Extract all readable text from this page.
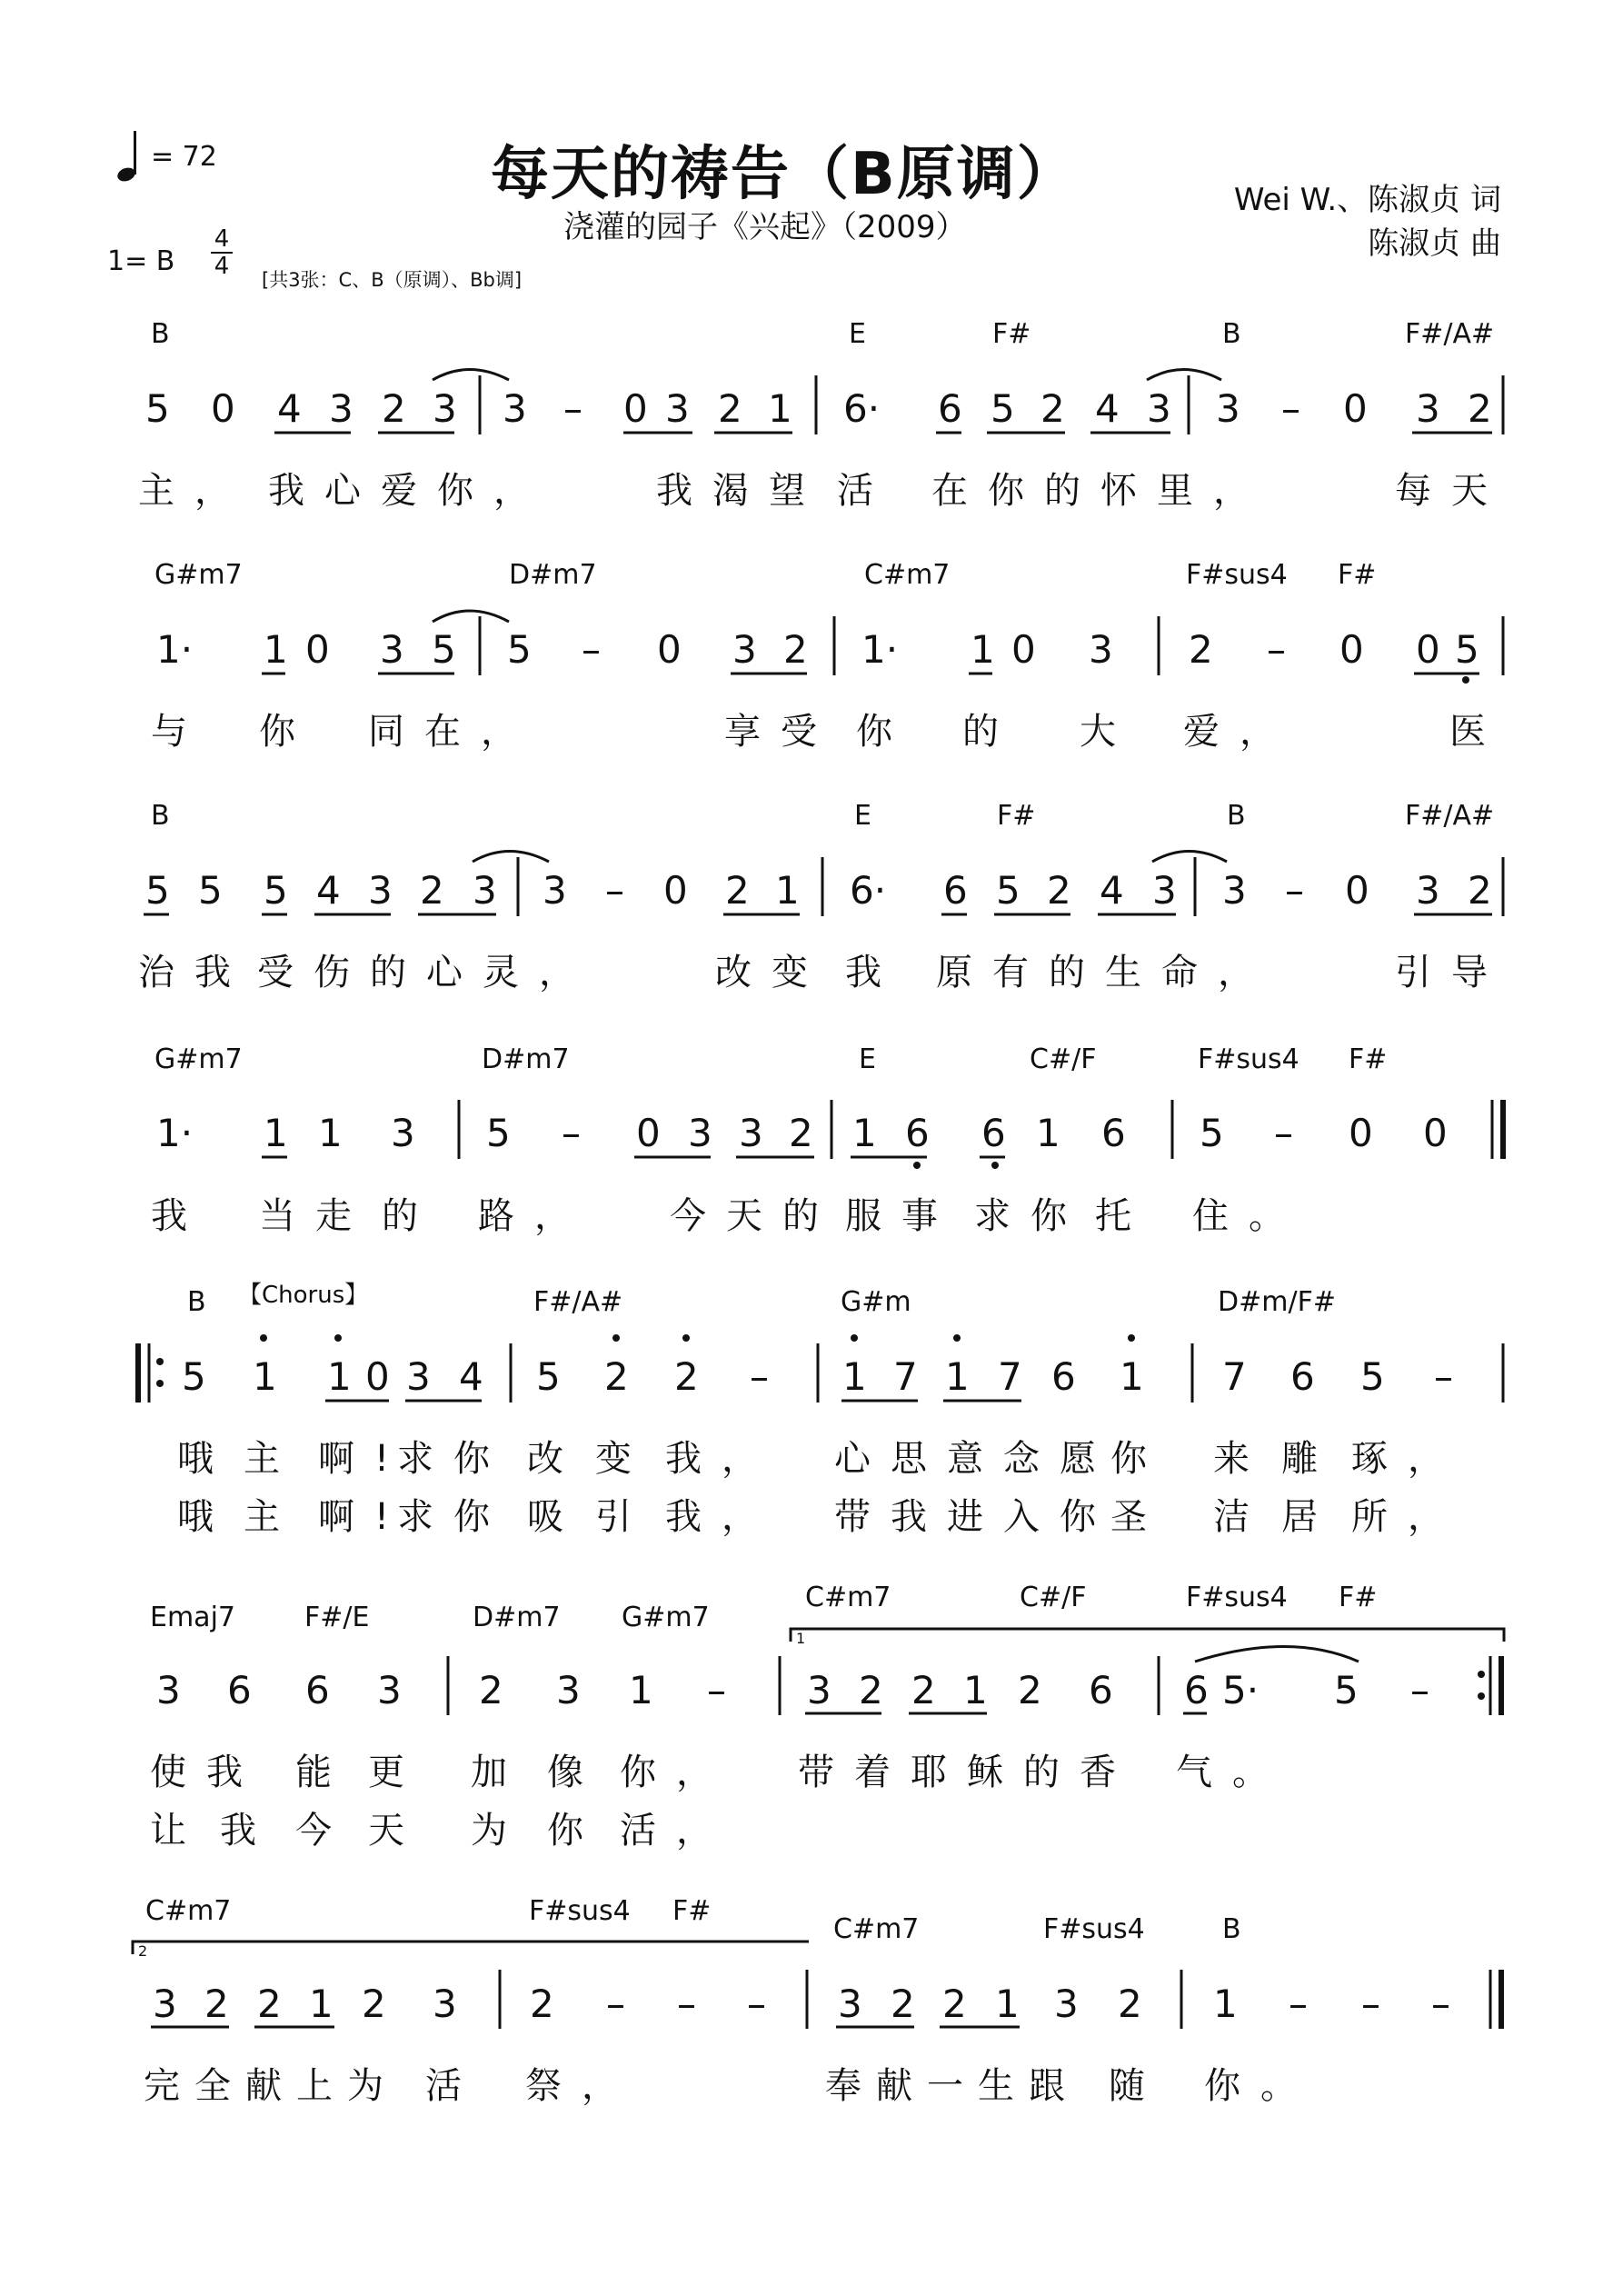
= 72	每天的祷告（B原调）
浇灌的园子《兴起》（2009）
Wei W.、陈淑贞 词
陈淑贞 曲
1= B
4
4 [共3张：C、B（原调）、Bb调]
B	E	F#	B	F#/A#
5 0 4 3 2 3 3 – 0 3 2 1 6· 6 5 2 4 3 3 – 0 3 2
主， 我心爱你，	我渴望 活 在你的怀里，	每天
G#m7	D#m7	C#m7	F#sus4 F#
1· 1 0 3 5 5 – 0 3 2 1· 1 0 3 2 – 0 0 5
与 你 同在，	享受 你 的 大 爱，	医
B	E	F#	B	F#/A#
5 5 5 4 3 2 3 3 – 0 2 1 6· 6 5 2 4 3 3 – 0 3 2
治我 受伤的心灵，	改变 我 原有的生命，	引导
G#m7	D#m7	E	C#/F	F#sus4 F#
1· 1 1 3 5 – 0 3 3 2 1 6 6 1 6 5 – 0 0
我 当走 的 路， 今天的 服事 求你 托 住。
B 【Chorus】	F#/A#	G#m	D#m/F#
5 1 1 0 3 4 5 2 2 – 1 7 1 7 6 1 7 6 5 –
哦 主 啊!
求你 改 变 我， 心思意念愿
你 来 雕 琢，
哦 主 啊!
求你 吸 引 我， 带我进入你
圣 洁 居 所，
Emaj7	F#/E	D#m7 G#m7
C#m7	C#/F	F#sus4 F#
1
3 6 6 3 2 3 1 – 3 2 2 1 2 6 6 5· 5 –
使我 能 更 加 像 你， 带着耶稣的 香 气。
让 我 今 天 为 你 活，
C#m7	F#sus4 F#
C#m7	F#sus4	B
2
3 2 2 1 2 3 2 – – – 3 2 2 1 3 2 1 – – –
完全献上为 活 祭，	奉献一生跟 随 你。
